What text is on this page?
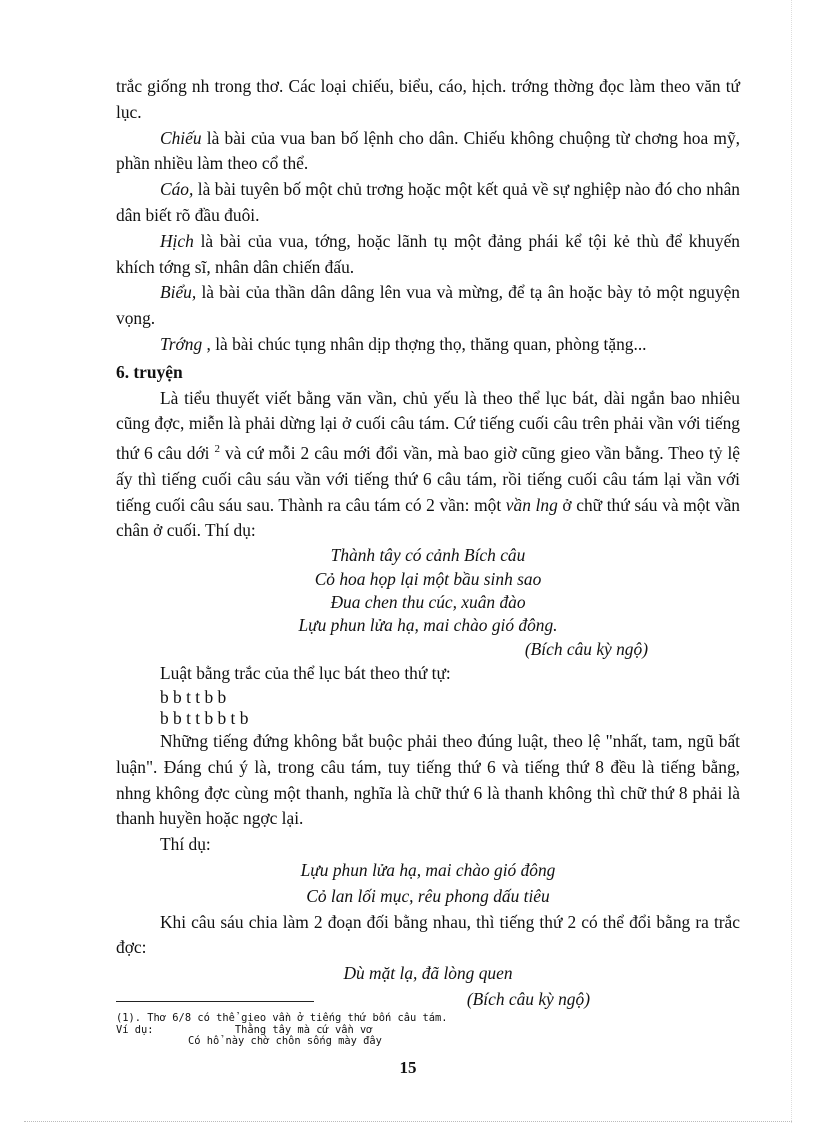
trắc giống nh trong thơ. Các loại chiếu, biểu, cáo, hịch. trớng thờng đọc làm theo văn tứ lục.

Chiếu là bài của vua ban bố lệnh cho dân. Chiếu không chuộng từ chơng hoa mỹ, phần nhiều làm theo cổ thể.

Cáo, là bài tuyên bố một chủ trơng hoặc một kết quả về sự nghiệp nào đó cho nhân dân biết rõ đầu đuôi.

Hịch là bài của vua, tớng, hoặc lãnh tụ một đảng phái kể tội kẻ thù để khuyến khích tớng sĩ, nhân dân chiến đấu.

Biểu, là bài của thần dân dâng lên vua và mừng, để tạ ân hoặc bày tỏ một nguyện vọng.

Trớng , là bài chúc tụng nhân dịp thợng thọ, thăng quan, phòng tặng...

6. truyện

Là tiểu thuyết viết bằng văn vần, chủ yếu là theo thể lục bát, dài ngắn bao nhiêu cũng đợc, miễn là phải dừng lại ở cuối câu tám. Cứ tiếng cuối câu trên phải vần với tiếng thứ 6 câu dới $^2$ và cứ mỗi 2 câu mới đổi vần, mà bao giờ cũng gieo vần bằng. Theo tỷ lệ ấy thì tiếng cuối câu sáu vần với tiếng thứ 6 câu tám, rồi tiếng cuối câu tám lại vần với tiếng cuối câu sáu sau. Thành ra câu tám có 2 vần: một vần lng ở chữ thứ sáu và một vần chân ở cuối. Thí dụ:

Thành tây có cảnh Bích câu
Cỏ hoa họp lại một bầu sinh sao
Đua chen thu cúc, xuân đào
Lựu phun lửa hạ, mai chào gió đông.
(Bích câu kỳ ngộ)

Luật bằng trắc của thể lục bát theo thứ tự:

b b t t b b
b b t t b b t b

Những tiếng đứng không bắt buộc phải theo đúng luật, theo lệ "nhất, tam, ngũ bất luận". Đáng chú ý là, trong câu tám, tuy tiếng thứ 6 và tiếng thứ 8 đều là tiếng bằng, nhng không đợc cùng một thanh, nghĩa là chữ thứ 6 là thanh không thì chữ thứ 8 phải là thanh huyền hoặc ngợc lại.

Thí dụ:

Lựu phun lửa hạ, mai chào gió đông
Cỏ lan lối mục, rêu phong dấu tiêu

Khi câu sáu chia làm 2 đoạn đối bằng nhau, thì tiếng thứ 2 có thể đổi bằng ra trắc đợc:

Dù mặt lạ, đã lòng quen
(Bích câu kỳ ngộ)
(1). Thơ 6/8 có thể gieo vần ở tiếng thứ bốn câu tám.
Ví dụ:	Thằng tây mà cứ vần vơ
Có hổ này chờ chôn sống mày đây
15
